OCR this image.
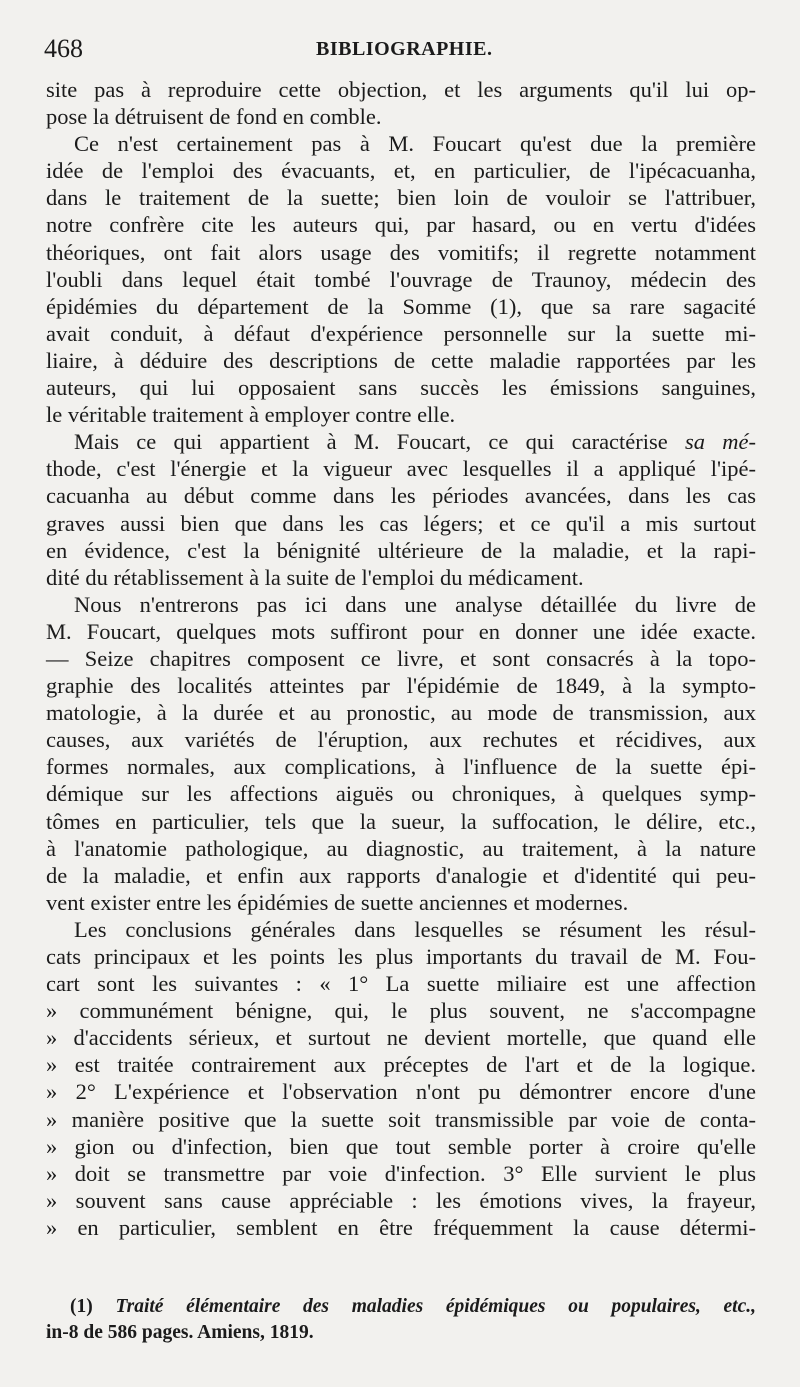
468	BIBLIOGRAPHIE.
site pas à reproduire cette objection, et les arguments qu'il lui op-
pose la détruisent de fond en comble.
Ce n'est certainement pas à M. Foucart qu'est due la première
idée de l'emploi des évacuants, et, en particulier, de l'ipécacuanha,
dans le traitement de la suette; bien loin de vouloir se l'attribuer,
notre confrère cite les auteurs qui, par hasard, ou en vertu d'idées
théoriques, ont fait alors usage des vomitifs; il regrette notamment
l'oubli dans lequel était tombé l'ouvrage de Traunoy, médecin des
épidémies du département de la Somme (1), que sa rare sagacité
avait conduit, à défaut d'expérience personnelle sur la suette mi-
liaire, à déduire des descriptions de cette maladie rapportées par les
auteurs, qui lui opposaient sans succès les émissions sanguines,
le véritable traitement à employer contre elle.
Mais ce qui appartient à M. Foucart, ce qui caractérise sa mé-
thode, c'est l'énergie et la vigueur avec lesquelles il a appliqué l'ipé-
cacuanha au début comme dans les périodes avancées, dans les cas
graves aussi bien que dans les cas légers; et ce qu'il a mis surtout
en évidence, c'est la bénignité ultérieure de la maladie, et la rapi-
dité du rétablissement à la suite de l'emploi du médicament.
Nous n'entrerons pas ici dans une analyse détaillée du livre de
M. Foucart, quelques mots suffiront pour en donner une idée exacte.
— Seize chapitres composent ce livre, et sont consacrés à la topo-
graphie des localités atteintes par l'épidémie de 1849, à la sympto-
matologie, à la durée et au pronostic, au mode de transmission, aux
causes, aux variétés de l'éruption, aux rechutes et récidives, aux
formes normales, aux complications, à l'influence de la suette épi-
démique sur les affections aiguës ou chroniques, à quelques symp-
tômes en particulier, tels que la sueur, la suffocation, le délire, etc.,
à l'anatomie pathologique, au diagnostic, au traitement, à la nature
de la maladie, et enfin aux rapports d'analogie et d'identité qui peu-
vent exister entre les épidémies de suette anciennes et modernes.
Les conclusions générales dans lesquelles se résument les résul-
cats principaux et les points les plus importants du travail de M. Fou-
cart sont les suivantes : « 1° La suette miliaire est une affection
» communément bénigne, qui, le plus souvent, ne s'accompagne
» d'accidents sérieux, et surtout ne devient mortelle, que quand elle
» est traitée contrairement aux préceptes de l'art et de la logique.
» 2° L'expérience et l'observation n'ont pu démontrer encore d'une
» manière positive que la suette soit transmissible par voie de conta-
» gion ou d'infection, bien que tout semble porter à croire qu'elle
» doit se transmettre par voie d'infection. 3° Elle survient le plus
» souvent sans cause appréciable : les émotions vives, la frayeur,
» en particulier, semblent en être fréquemment la cause détermi-
(1) Traité élémentaire des maladies épidémiques ou populaires, etc.,
in-8 de 586 pages. Amiens, 1819.
